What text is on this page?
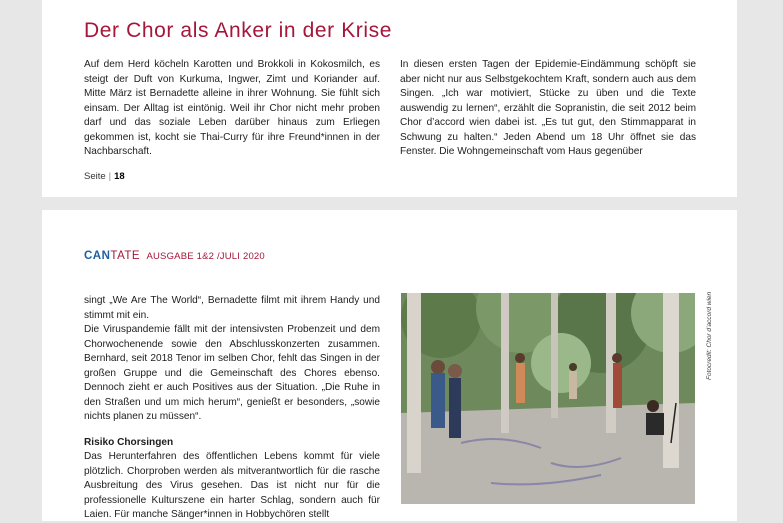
Der Chor als Anker in der Krise

Auf dem Herd köcheln Karotten und Brokkoli in Kokosmilch, es steigt der Duft von Kurkuma, Ingwer, Zimt und Koriander auf. Mitte März ist Bernadette alleine in ihrer Wohnung. Sie fühlt sich einsam. Der Alltag ist eintönig. Weil ihr Chor nicht mehr proben darf und das soziale Leben darüber hinaus zum Erliegen gekommen ist, kocht sie Thai-Curry für ihre Freund*innen in der Nachbarschaft.

In diesen ersten Tagen der Epidemie-Eindämmung schöpft sie aber nicht nur aus Selbstgekochtem Kraft, sondern auch aus dem Singen. „Ich war motiviert, Stücke zu üben und die Texte auswendig zu lernen“, erzählt die Sopranistin, die seit 2012 beim Chor d’accord wien dabei ist. „Es tut gut, den Stimmapparat in Schwung zu halten.“ Jeden Abend um 18 Uhr öffnet sie das Fenster. Die Wohngemeinschaft vom Haus gegenüber

Seite | 18
CANTATE AUSGABE 1&2 /JULI 2020

singt „We Are The World“, Bernadette filmt mit ihrem Handy und stimmt mit ein.

Die Viruspandemie fällt mit der intensivsten Probenzeit und dem Chorwochenende sowie den Abschlusskonzerten zusammen. Bernhard, seit 2018 Tenor im selben Chor, fehlt das Singen in der großen Gruppe und die Gemeinschaft des Chores ebenso. Dennoch zieht er auch Positives aus der Situation. „Die Ruhe in den Straßen und um mich herum“, genießt er besonders, „sowie nichts planen zu müssen“.

Risiko Chorsingen

Das Herunterfahren des öffentlichen Lebens kommt für viele plötzlich. Chorproben werden als mitverantwortlich für die rasche Ausbreitung des Virus gesehen. Das ist nicht nur für die professionelle Kulturszene ein harter Schlag, sondern auch für Laien. Für manche Sänger*innen in Hobbychören stellt

Fotocredit: Chor d’accord wien
